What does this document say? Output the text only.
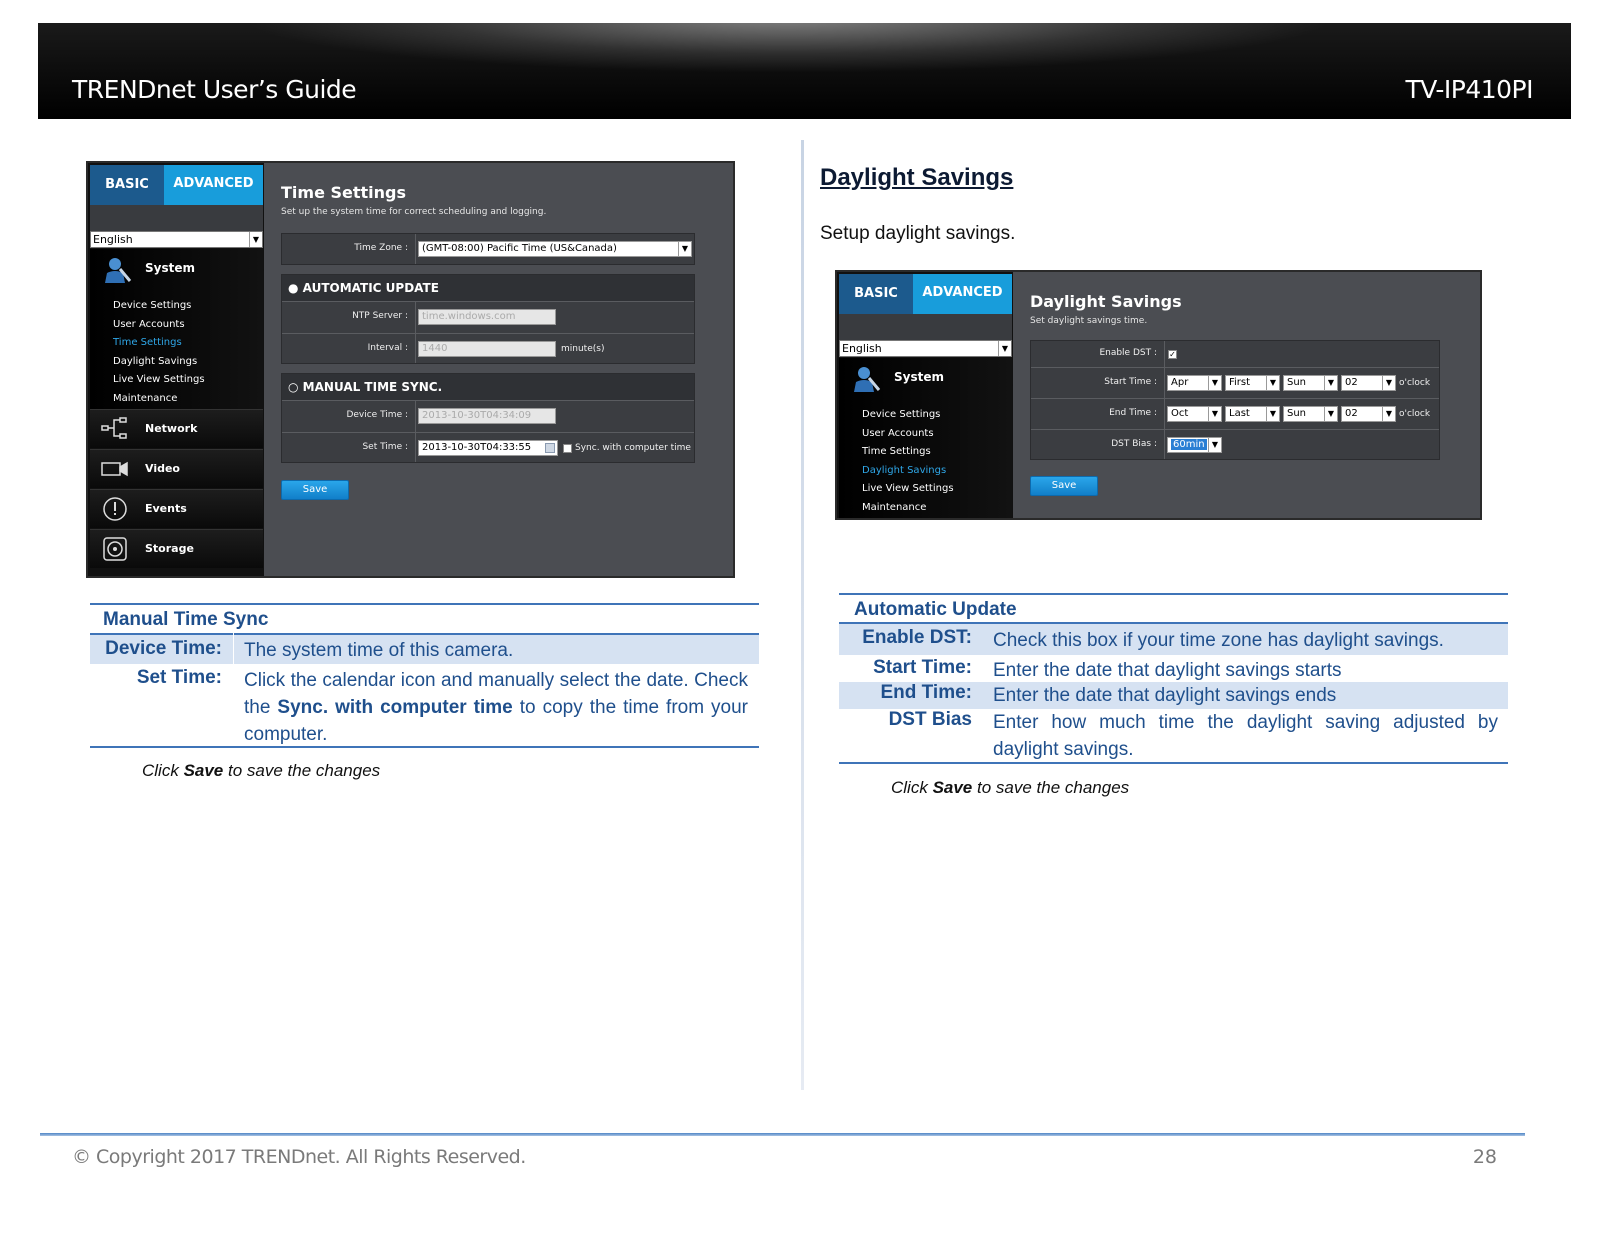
TRENDnet User’s Guide	TV-IP410PI
BASIC	ADVANCED
English	▼
System
Device Settings
User Accounts
Time Settings
Daylight Savings
Live View Settings
Maintenance
Network
Video
Events
Storage
Time Settings
Set up the system time for correct scheduling and logging.
Time Zone :	(GMT-08:00) Pacific Time (US&Canada)	▼
● AUTOMATIC UPDATE
NTP Server :	time.windows.com
Interval :	1440	minute(s)
○ MANUAL TIME SYNC.
Device Time :	2013-10-30T04:34:09
Set Time :	2013-10-30T04:33:55	Sync. with computer time
Save
Manual Time Sync
Device Time: The system time of this camera.
Set Time: Click the calendar icon and manually select the date. Check the Sync. with computer time to copy the time from your computer.
Click Save to save the changes
Daylight Savings
Setup daylight savings.
BASIC	ADVANCED
English	▼
System
Device Settings
User Accounts
Time Settings
Daylight Savings
Live View Settings
Maintenance
Daylight Savings
Set daylight savings time.
Enable DST : ✓
Start Time :	Apr	▼	First	▼	Sun	▼	02	▼ o'clock
End Time :	Oct	▼	Last	▼	Sun	▼	02	▼ o'clock
DST Bias :	60min ▼
Save
Automatic Update
Enable DST: Check this box if your time zone has daylight savings.
Start Time: Enter the date that daylight savings starts
End Time: Enter the date that daylight savings ends
DST Bias Enter how much time the daylight saving adjusted by daylight savings.
Click Save to save the changes
© Copyright 2017 TRENDnet. All Rights Reserved.	28
